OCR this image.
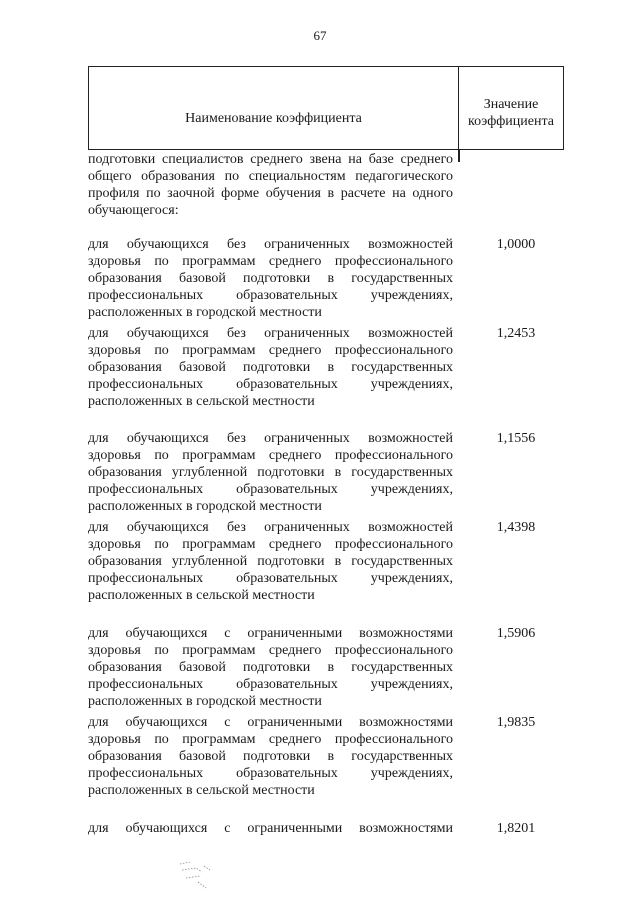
67
Наименование коэффициента
Значение коэффициента
подготовки специалистов среднего звена на базе среднего общего образования по специальностям педагогического профиля по заочной форме обучения в расчете на одного обучающегося:
для обучающихся без ограниченных возможностей
здоровья по программам среднего профессионального образования базовой подготовки в государственных профессиональных образовательных учреждениях, расположенных в городской местности
1,0000
для обучающихся без ограниченных возможностей
здоровья по программам среднего профессионального образования базовой подготовки в государственных профессиональных образовательных учреждениях, расположенных в сельской местности
1,2453
для обучающихся без ограниченных возможностей
здоровья по программам среднего профессионального образования углубленной подготовки в государственных профессиональных образовательных учреждениях, расположенных в городской местности
1,1556
для обучающихся без ограниченных возможностей
здоровья по программам среднего профессионального образования углубленной подготовки в государственных профессиональных образовательных учреждениях, расположенных в сельской местности
1,4398
для обучающихся с ограниченными возможностями
здоровья по программам среднего профессионального образования базовой подготовки в государственных профессиональных образовательных учреждениях, расположенных в городской местности
1,5906
для обучающихся с ограниченными возможностями
здоровья по программам среднего профессионального образования базовой подготовки в государственных профессиональных образовательных учреждениях, расположенных в сельской местности
1,9835
для обучающихся с ограниченными возможностями	1,8201
